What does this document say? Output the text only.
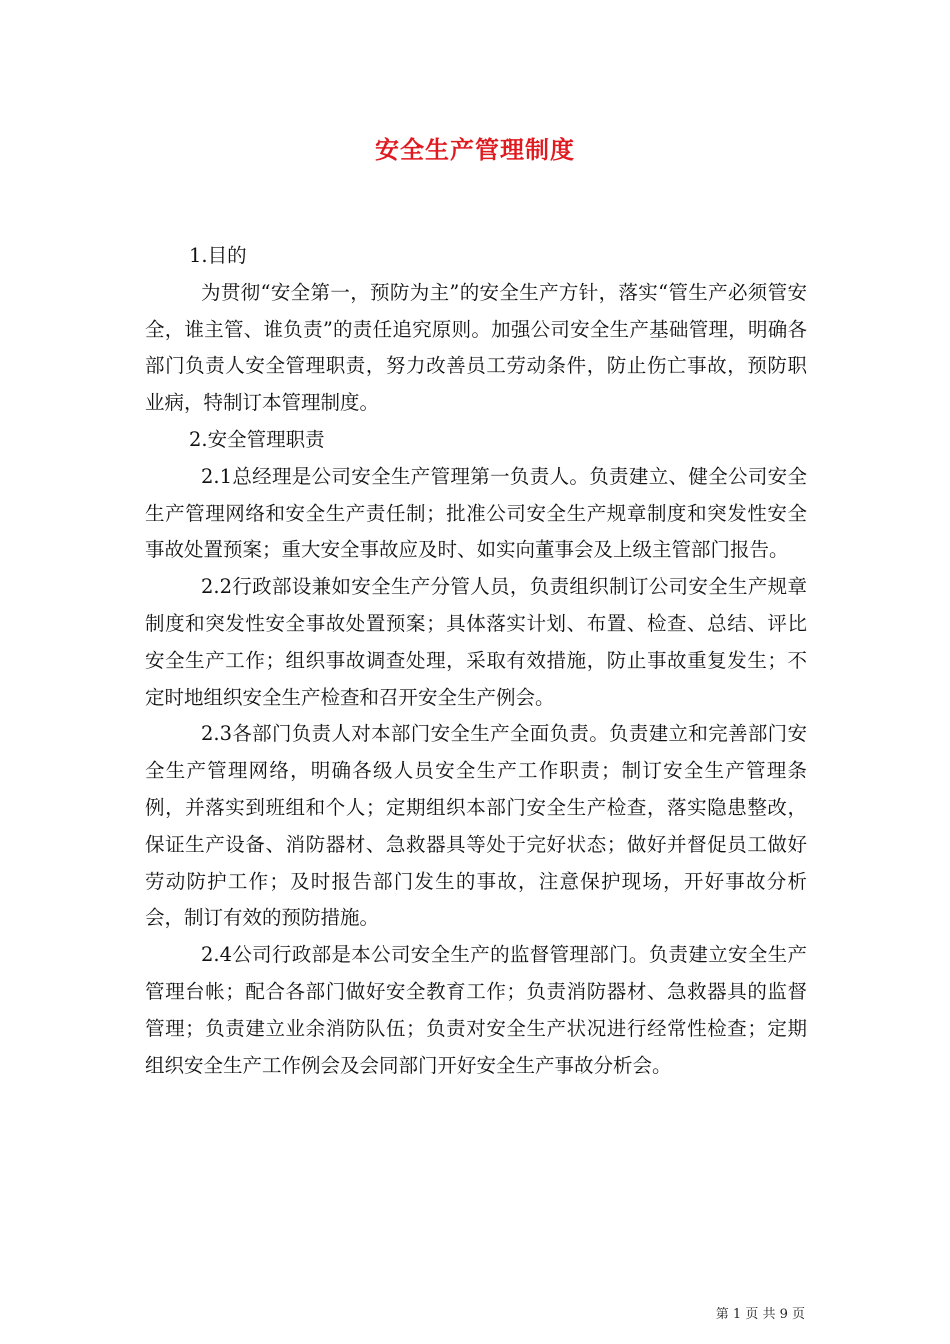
安全生产管理制度

1.目的

为贯彻“安全第一，预防为主”的安全生产方针，落实“管生产必须管安全，谁主管、谁负责”的责任追究原则。加强公司安全生产基础管理，明确各部门负责人安全管理职责，努力改善员工劳动条件，防止伤亡事故，预防职业病，特制订本管理制度。

2.安全管理职责

2.1总经理是公司安全生产管理第一负责人。负责建立、健全公司安全生产管理网络和安全生产责任制；批准公司安全生产规章制度和突发性安全事故处置预案；重大安全事故应及时、如实向董事会及上级主管部门报告。

2.2行政部设兼如安全生产分管人员，负责组织制订公司安全生产规章制度和突发性安全事故处置预案；具体落实计划、布置、检查、总结、评比安全生产工作；组织事故调查处理，采取有效措施，防止事故重复发生；不定时地组织安全生产检查和召开安全生产例会。

2.3各部门负责人对本部门安全生产全面负责。负责建立和完善部门安全生产管理网络，明确各级人员安全生产工作职责；制订安全生产管理条例，并落实到班组和个人；定期组织本部门安全生产检查，落实隐患整改，保证生产设备、消防器材、急救器具等处于完好状态；做好并督促员工做好劳动防护工作；及时报告部门发生的事故，注意保护现场，开好事故分析会，制订有效的预防措施。

2.4公司行政部是本公司安全生产的监督管理部门。负责建立安全生产管理台帐；配合各部门做好安全教育工作；负责消防器材、急救器具的监督管理；负责建立业余消防队伍；负责对安全生产状况进行经常性检查；定期组织安全生产工作例会及会同部门开好安全生产事故分析会。

第 1 页 共 9 页
